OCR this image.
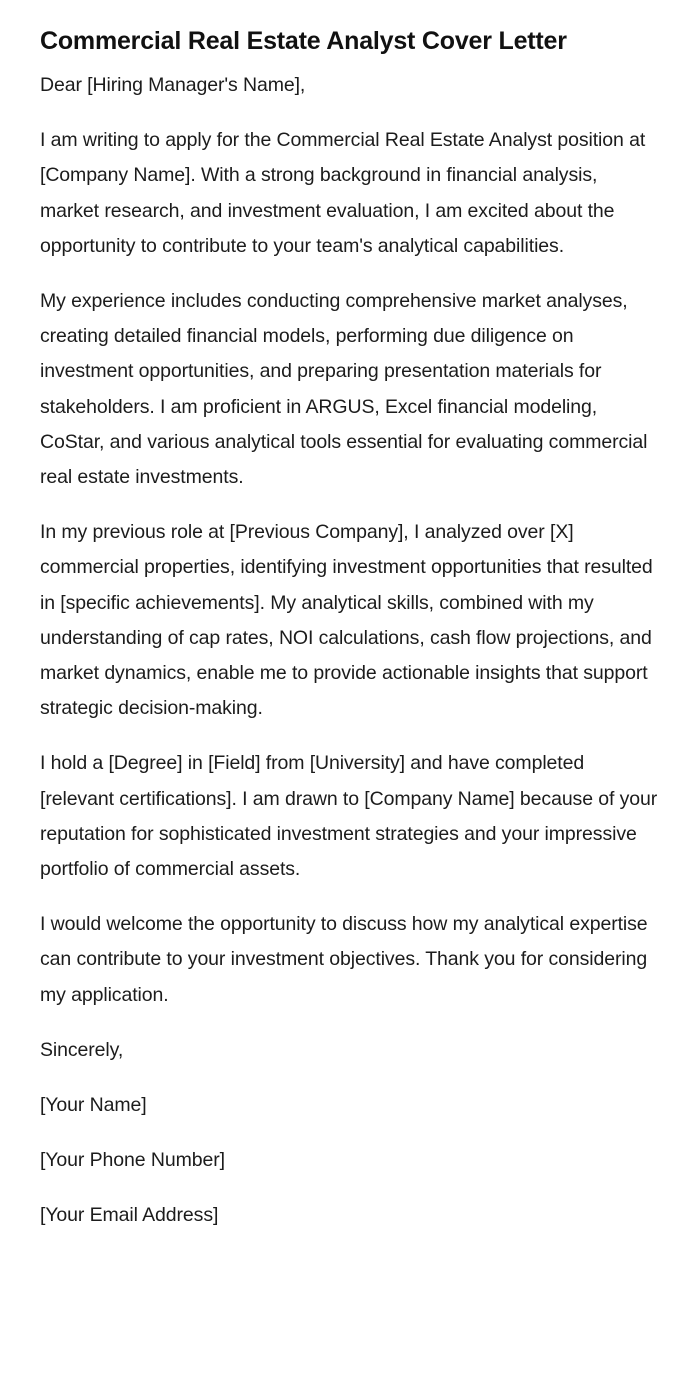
Commercial Real Estate Analyst Cover Letter

Dear [Hiring Manager's Name],

I am writing to apply for the Commercial Real Estate Analyst position at [Company Name]. With a strong background in financial analysis, market research, and investment evaluation, I am excited about the opportunity to contribute to your team's analytical capabilities.

My experience includes conducting comprehensive market analyses, creating detailed financial models, performing due diligence on investment opportunities, and preparing presentation materials for stakeholders. I am proficient in ARGUS, Excel financial modeling, CoStar, and various analytical tools essential for evaluating commercial real estate investments.

In my previous role at [Previous Company], I analyzed over [X] commercial properties, identifying investment opportunities that resulted in [specific achievements]. My analytical skills, combined with my understanding of cap rates, NOI calculations, cash flow projections, and market dynamics, enable me to provide actionable insights that support strategic decision-making.

I hold a [Degree] in [Field] from [University] and have completed [relevant certifications]. I am drawn to [Company Name] because of your reputation for sophisticated investment strategies and your impressive portfolio of commercial assets.

I would welcome the opportunity to discuss how my analytical expertise can contribute to your investment objectives. Thank you for considering my application.

Sincerely,

[Your Name]

[Your Phone Number]

[Your Email Address]
